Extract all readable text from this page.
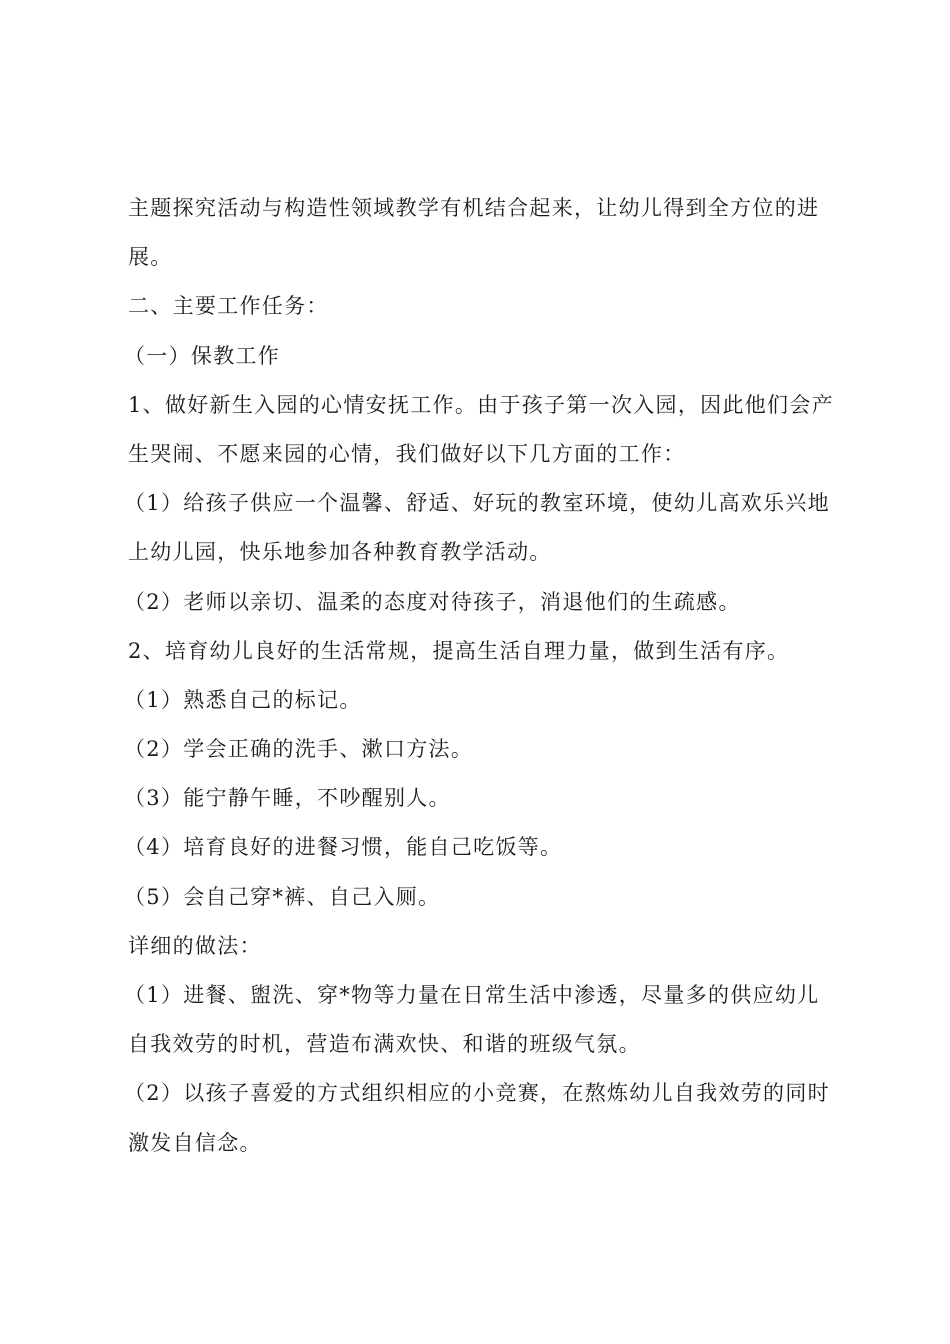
主题探究活动与构造性领域教学有机结合起来，让幼儿得到全方位的进
展。
二、主要工作任务：
（一）保教工作
1、做好新生入园的心情安抚工作。由于孩子第一次入园，因此他们会产
生哭闹、不愿来园的心情，我们做好以下几方面的工作：
（1）给孩子供应一个温馨、舒适、好玩的教室环境，使幼儿高欢乐兴地
上幼儿园，快乐地参加各种教育教学活动。
（2）老师以亲切、温柔的态度对待孩子，消退他们的生疏感。
2、培育幼儿良好的生活常规，提高生活自理力量，做到生活有序。
（1）熟悉自己的标记。
（2）学会正确的洗手、漱口方法。
（3）能宁静午睡，不吵醒别人。
（4）培育良好的进餐习惯，能自己吃饭等。
（5）会自己穿*裤、自己入厕。
详细的做法：
（1）进餐、盥洗、穿*物等力量在日常生活中渗透，尽量多的供应幼儿
自我效劳的时机，营造布满欢快、和谐的班级气氛。
（2）以孩子喜爱的方式组织相应的小竞赛，在熬炼幼儿自我效劳的同时
激发自信念。
